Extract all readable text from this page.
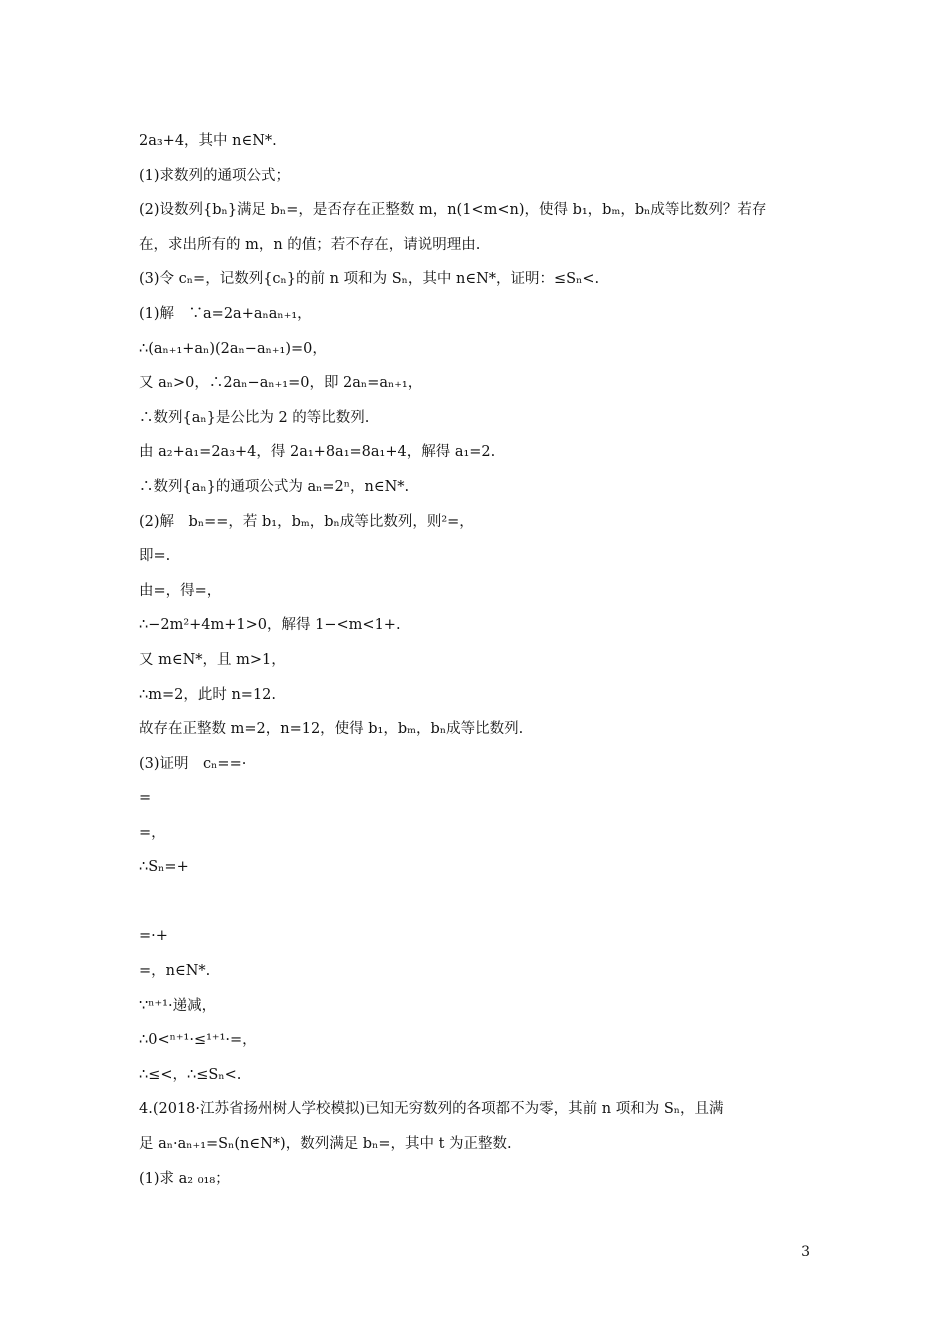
2a₃+4，其中 n∈N*.
(1)求数列的通项公式；
(2)设数列{bₙ}满足 bₙ=，是否存在正整数 m，n(1<m<n)，使得 b₁，bₘ，bₙ成等比数列？若存
在，求出所有的 m，n 的值；若不存在，请说明理由.
(3)令 cₙ=，记数列{cₙ}的前 n 项和为 Sₙ，其中 n∈N*，证明：≤Sₙ<.
(1)解　∵a=2a+aₙaₙ₊₁，
∴(aₙ₊₁+aₙ)(2aₙ−aₙ₊₁)=0，
又 aₙ>0，∴2aₙ−aₙ₊₁=0，即 2aₙ=aₙ₊₁，
∴数列{aₙ}是公比为 2 的等比数列.
由 a₂+a₁=2a₃+4，得 2a₁+8a₁=8a₁+4，解得 a₁=2.
∴数列{aₙ}的通项公式为 aₙ=2ⁿ，n∈N*.
(2)解　bₙ==，若 b₁，bₘ，bₙ成等比数列，则²=，
即=.
由=，得=，
∴−2m²+4m+1>0，解得 1−<m<1+.
又 m∈N*，且 m>1，
∴m=2，此时 n=12.
故存在正整数 m=2，n=12，使得 b₁，bₘ，bₙ成等比数列.
(3)证明　cₙ==·
=
=，
∴Sₙ=+
=·+
=，n∈N*.
∵ⁿ⁺¹·递减，
∴0<ⁿ⁺¹·≤¹⁺¹·=，
∴≤<，∴≤Sₙ<.
4.(2018·江苏省扬州树人学校模拟)已知无穷数列的各项都不为零，其前 n 项和为 Sₙ，且满
足 aₙ·aₙ₊₁=Sₙ(n∈N*)，数列满足 bₙ=，其中 t 为正整数.
(1)求 a₂ ₀₁₈；
3
